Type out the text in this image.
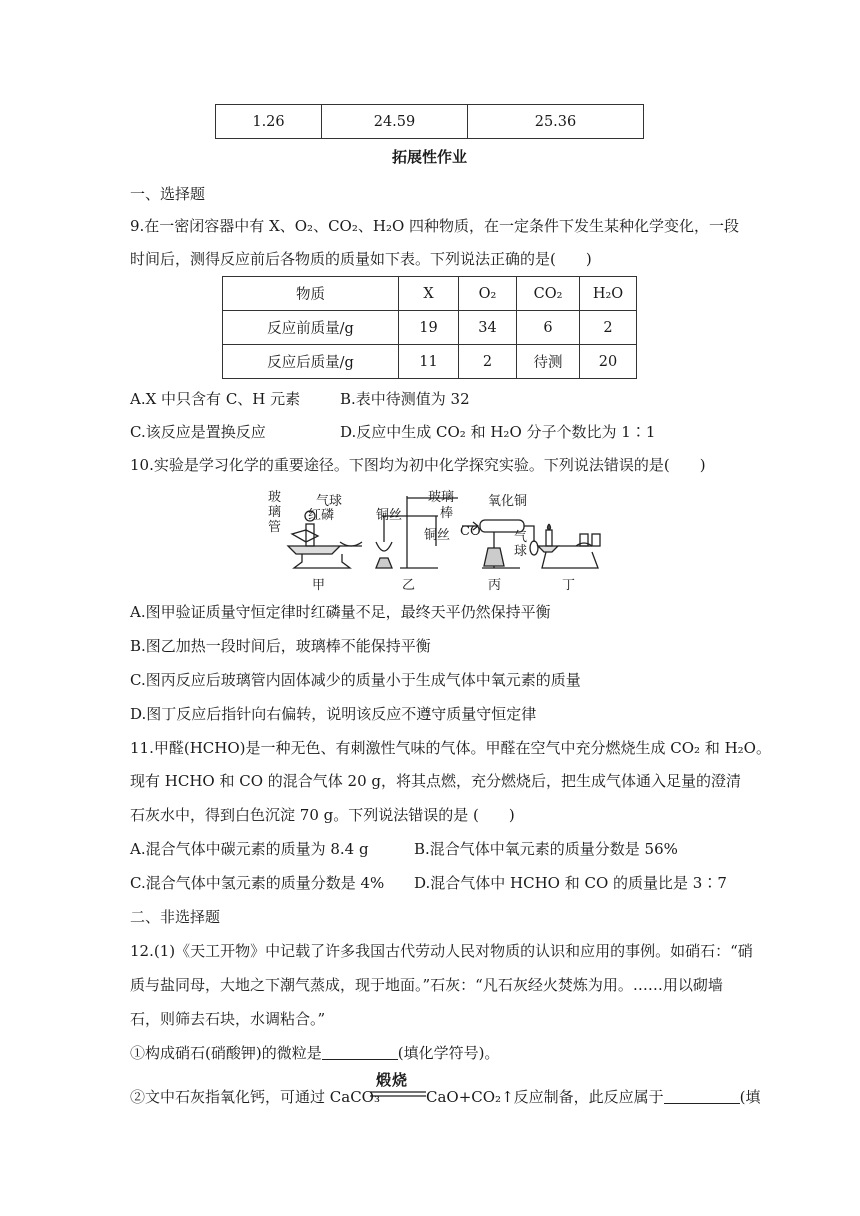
1.26	24.59	25.36
拓展性作业
一、选择题
9.在一密闭容器中有 X、O₂、CO₂、H₂O 四种物质，在一定条件下发生某种化学变化，一段
时间后，测得反应前后各物质的质量如下表。下列说法正确的是(　　)
物质	X	O₂	CO₂	H₂O
反应前质量/g	19	34	6	2
反应后质量/g	11	2	待测	20
A.X 中只含有 C、H 元素	B.表中待测值为 32
C.该反应是置换反应	D.反应中生成 CO₂ 和 H₂O 分子个数比为 1∶1
10.实验是学习化学的重要途径。下图均为初中化学探究实验。下列说法错误的是(　　)
玻
璃
管
气球
红磷	铜丝
玻璃
棒
铜丝
氧化铜
CO	气
球
甲	乙	丙	丁
A.图甲验证质量守恒定律时红磷量不足，最终天平仍然保持平衡
B.图乙加热一段时间后，玻璃棒不能保持平衡
C.图丙反应后玻璃管内固体减少的质量小于生成气体中氧元素的质量
D.图丁反应后指针向右偏转，说明该反应不遵守质量守恒定律
11.甲醛(HCHO)是一种无色、有刺激性气味的气体。甲醛在空气中充分燃烧生成 CO₂ 和 H₂O。
现有 HCHO 和 CO 的混合气体 20 g，将其点燃，充分燃烧后，把生成气体通入足量的澄清
石灰水中，得到白色沉淀 70 g。下列说法错误的是 (　　)
A.混合气体中碳元素的质量为 8.4 g	B.混合气体中氧元素的质量分数是 56%
C.混合气体中氢元素的质量分数是 4% D.混合气体中 HCHO 和 CO 的质量比是 3∶7
二、非选择题
12.(1)《天工开物》中记载了许多我国古代劳动人民对物质的认识和应用的事例。如硝石：“硝
质与盐同母，大地之下潮气蒸成，现于地面。”石灰：“凡石灰经火焚炼为用。……用以砌墙
石，则筛去石块，水调粘合。”
①构成硝石(硝酸钾)的微粒是	(填化学符号)。
煅烧
②文中石灰指氧化钙，可通过 CaCO₃	CaO+CO₂↑反应制备，此反应属于	(填
